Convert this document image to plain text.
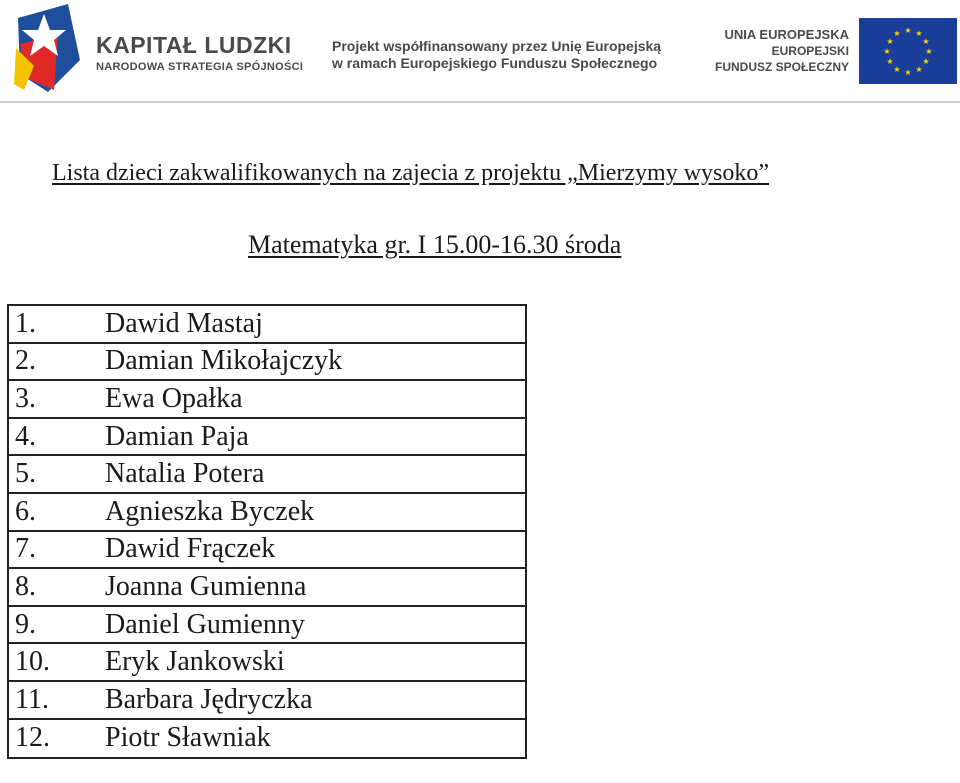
KAPITAŁ LUDZKI
NARODOWA STRATEGIA SPÓJNOŚCI
Projekt współfinansowany przez Unię Europejską
w ramach Europejskiego Funduszu Społecznego
UNIA EUROPEJSKA
EUROPEJSKI
FUNDUSZ SPOŁECZNY
★ ★
★
★
★
★
★
★
★
★
★
★
Lista dzieci zakwalifikowanych na zajecia z projektu „Mierzymy wysoko”
Matematyka gr. I 15.00-16.30 środa
1.	Dawid Mastaj
2.	Damian Mikołajczyk
3.	Ewa Opałka
4.	Damian Paja
5.	Natalia Potera
6.	Agnieszka Byczek
7.	Dawid Frączek
8.	Joanna Gumienna
9.	Daniel Gumienny
10.	Eryk Jankowski
11.	Barbara Jędryczka
12.	Piotr Sławniak
